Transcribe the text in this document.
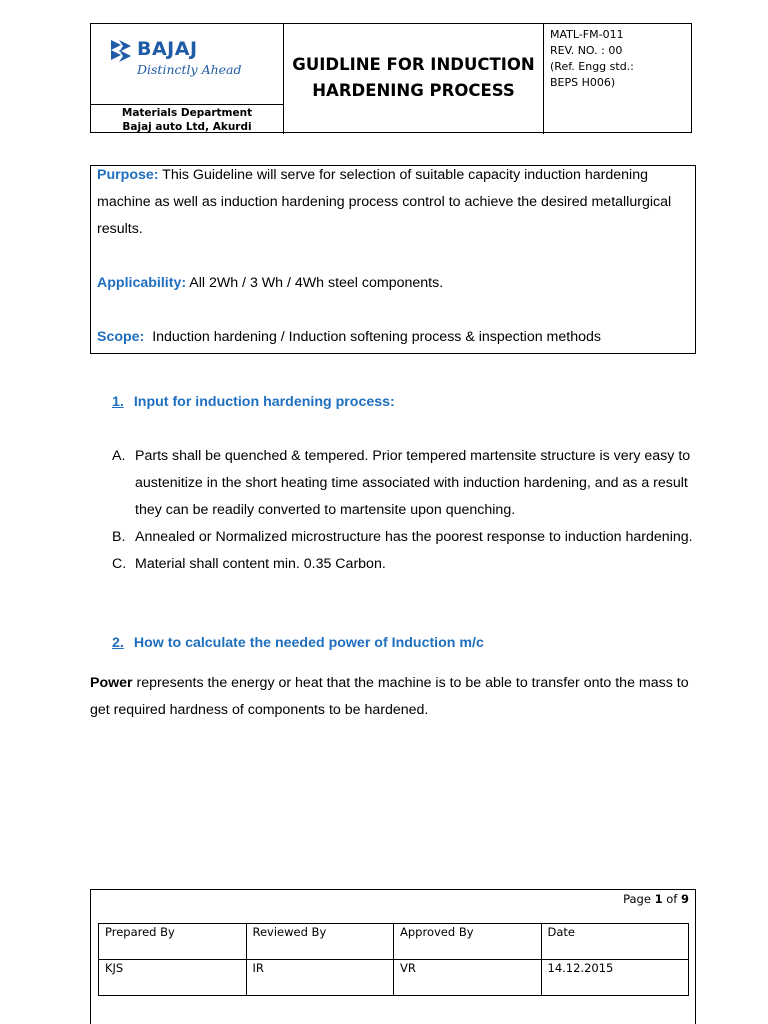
BAJAJ
Distinctly Ahead
Materials Department
Bajaj auto Ltd, Akurdi
GUIDLINE FOR INDUCTION
HARDENING PROCESS
MATL-FM-011
REV. NO. : 00
(Ref. Engg std.:
BEPS H006)

Purpose: This Guideline will serve for selection of suitable capacity induction hardening machine as well as induction hardening process control to achieve the desired metallurgical results.

Applicability: All 2Wh / 3 Wh / 4Wh steel components.

Scope:  Induction hardening / Induction softening process & inspection methods

1. Input for induction hardening process:
A. Parts shall be quenched & tempered. Prior tempered martensite structure is very easy to austenitize in the short heating time associated with induction hardening, and as a result they can be readily converted to martensite upon quenching.
B. Annealed or Normalized microstructure has the poorest response to induction hardening.
C. Material shall content min. 0.35 Carbon.
2. How to calculate the needed power of Induction m/c

Power represents the energy or heat that the machine is to be able to transfer onto the mass to get required hardness of components to be hardened.

Page 1 of 9
Prepared By	Reviewed By	Approved By	Date
KJS	IR	VR	14.12.2015
